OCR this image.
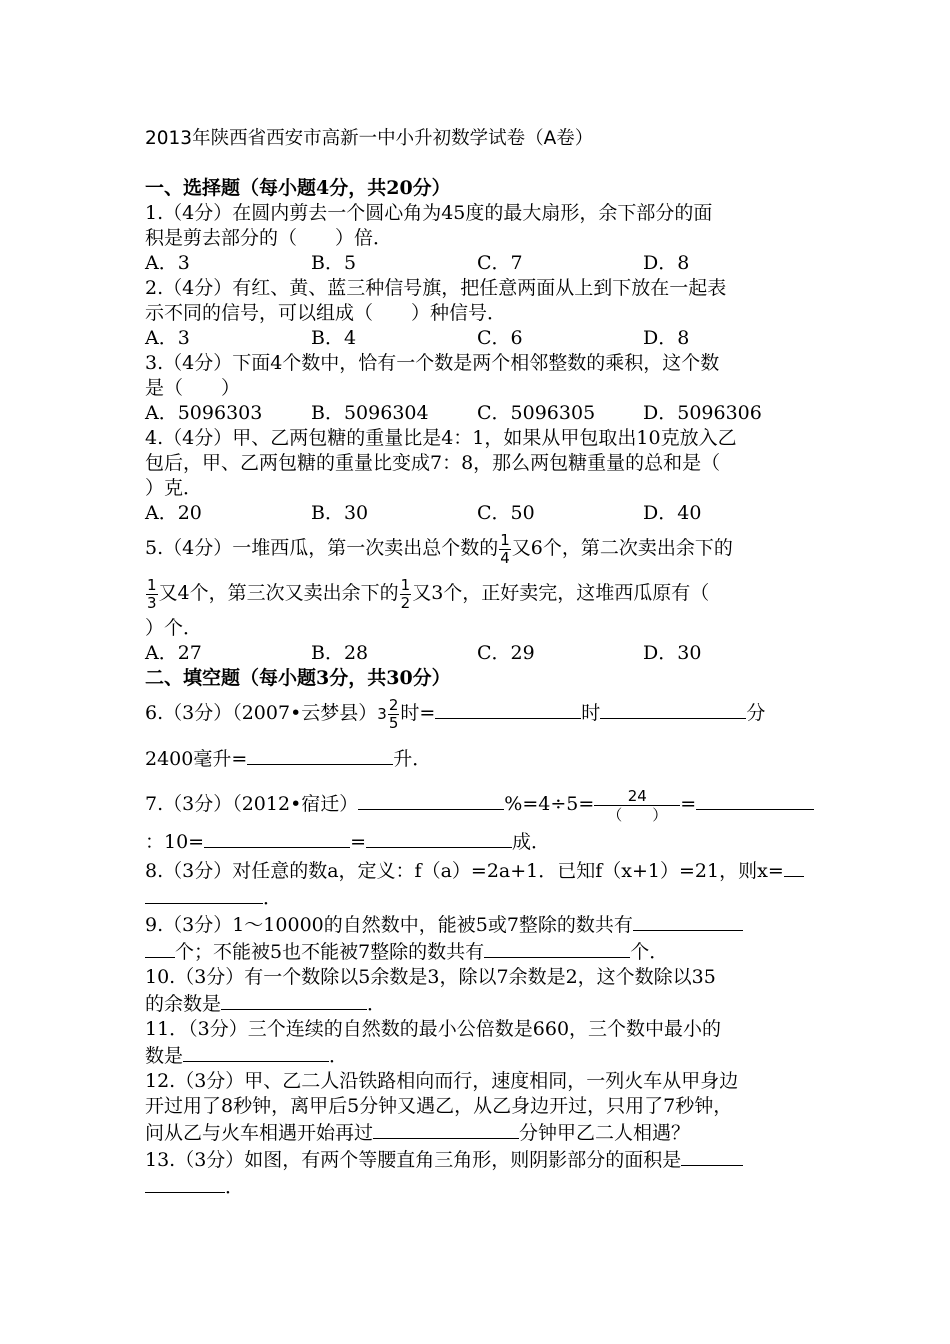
2013年陕西省西安市高新一中小升初数学试卷（A卷）
一、选择题（每小题4分，共20分）
1.（4分）在圆内剪去一个圆心角为45度的最大扇形，余下部分的面
积是剪去部分的（　　）倍．
A．3	B．5	C．7	D．8
2.（4分）有红、黄、蓝三种信号旗，把任意两面从上到下放在一起表
示不同的信号，可以组成（　　）种信号．
A．3	B．4	C．6	D．8
3.（4分）下面4个数中，恰有一个数是两个相邻整数的乘积，这个数
是（　　）
A．5096303	B．5096304	C．5096305	D．5096306
4.（4分）甲、乙两包糖的重量比是4：1，如果从甲包取出10克放入乙
包后，甲、乙两包糖的重量比变成7：8，那么两包糖重量的总和是（
）克．
A．20	B．30	C．50	D．40
5.（4分）一堆西瓜，第一次卖出总个数的 $\frac{1}{4}$ 又6个，第二次卖出余下的
$\frac{1}{3}$ 又4个，第三次又卖出余下的 $\frac{1}{2}$ 又3个，正好卖完，这堆西瓜原有（
）个．
A．27	B．28	C．29	D．30
二、填空题（每小题3分，共30分）
6.（3分）（2007•云梦县）$3 \frac{2}{5}$ 时=	时	分
2400毫升=	升．
7.（3分）（2012•宿迁）	%=4÷5=	24
（　　） =
：10=	=	成．
8.（3分）对任意的数a，定义：f（a）=2a+1．已知f（x+1）=21，则x=
．
9.（3分）1～10000的自然数中，能被5或7整除的数共有
个；不能被5也不能被7整除的数共有	个．
10.（3分）有一个数除以5余数是3，除以7余数是2，这个数除以35
的余数是	．
11．（3分）三个连续的自然数的最小公倍数是660，三个数中最小的
数是	．
12.（3分）甲、乙二人沿铁路相向而行，速度相同，一列火车从甲身边
开过用了8秒钟，离甲后5分钟又遇乙，从乙身边开过，只用了7秒钟，
问从乙与火车相遇开始再过	分钟甲乙二人相遇？
13.（3分）如图，有两个等腰直角三角形，则阴影部分的面积是
．
